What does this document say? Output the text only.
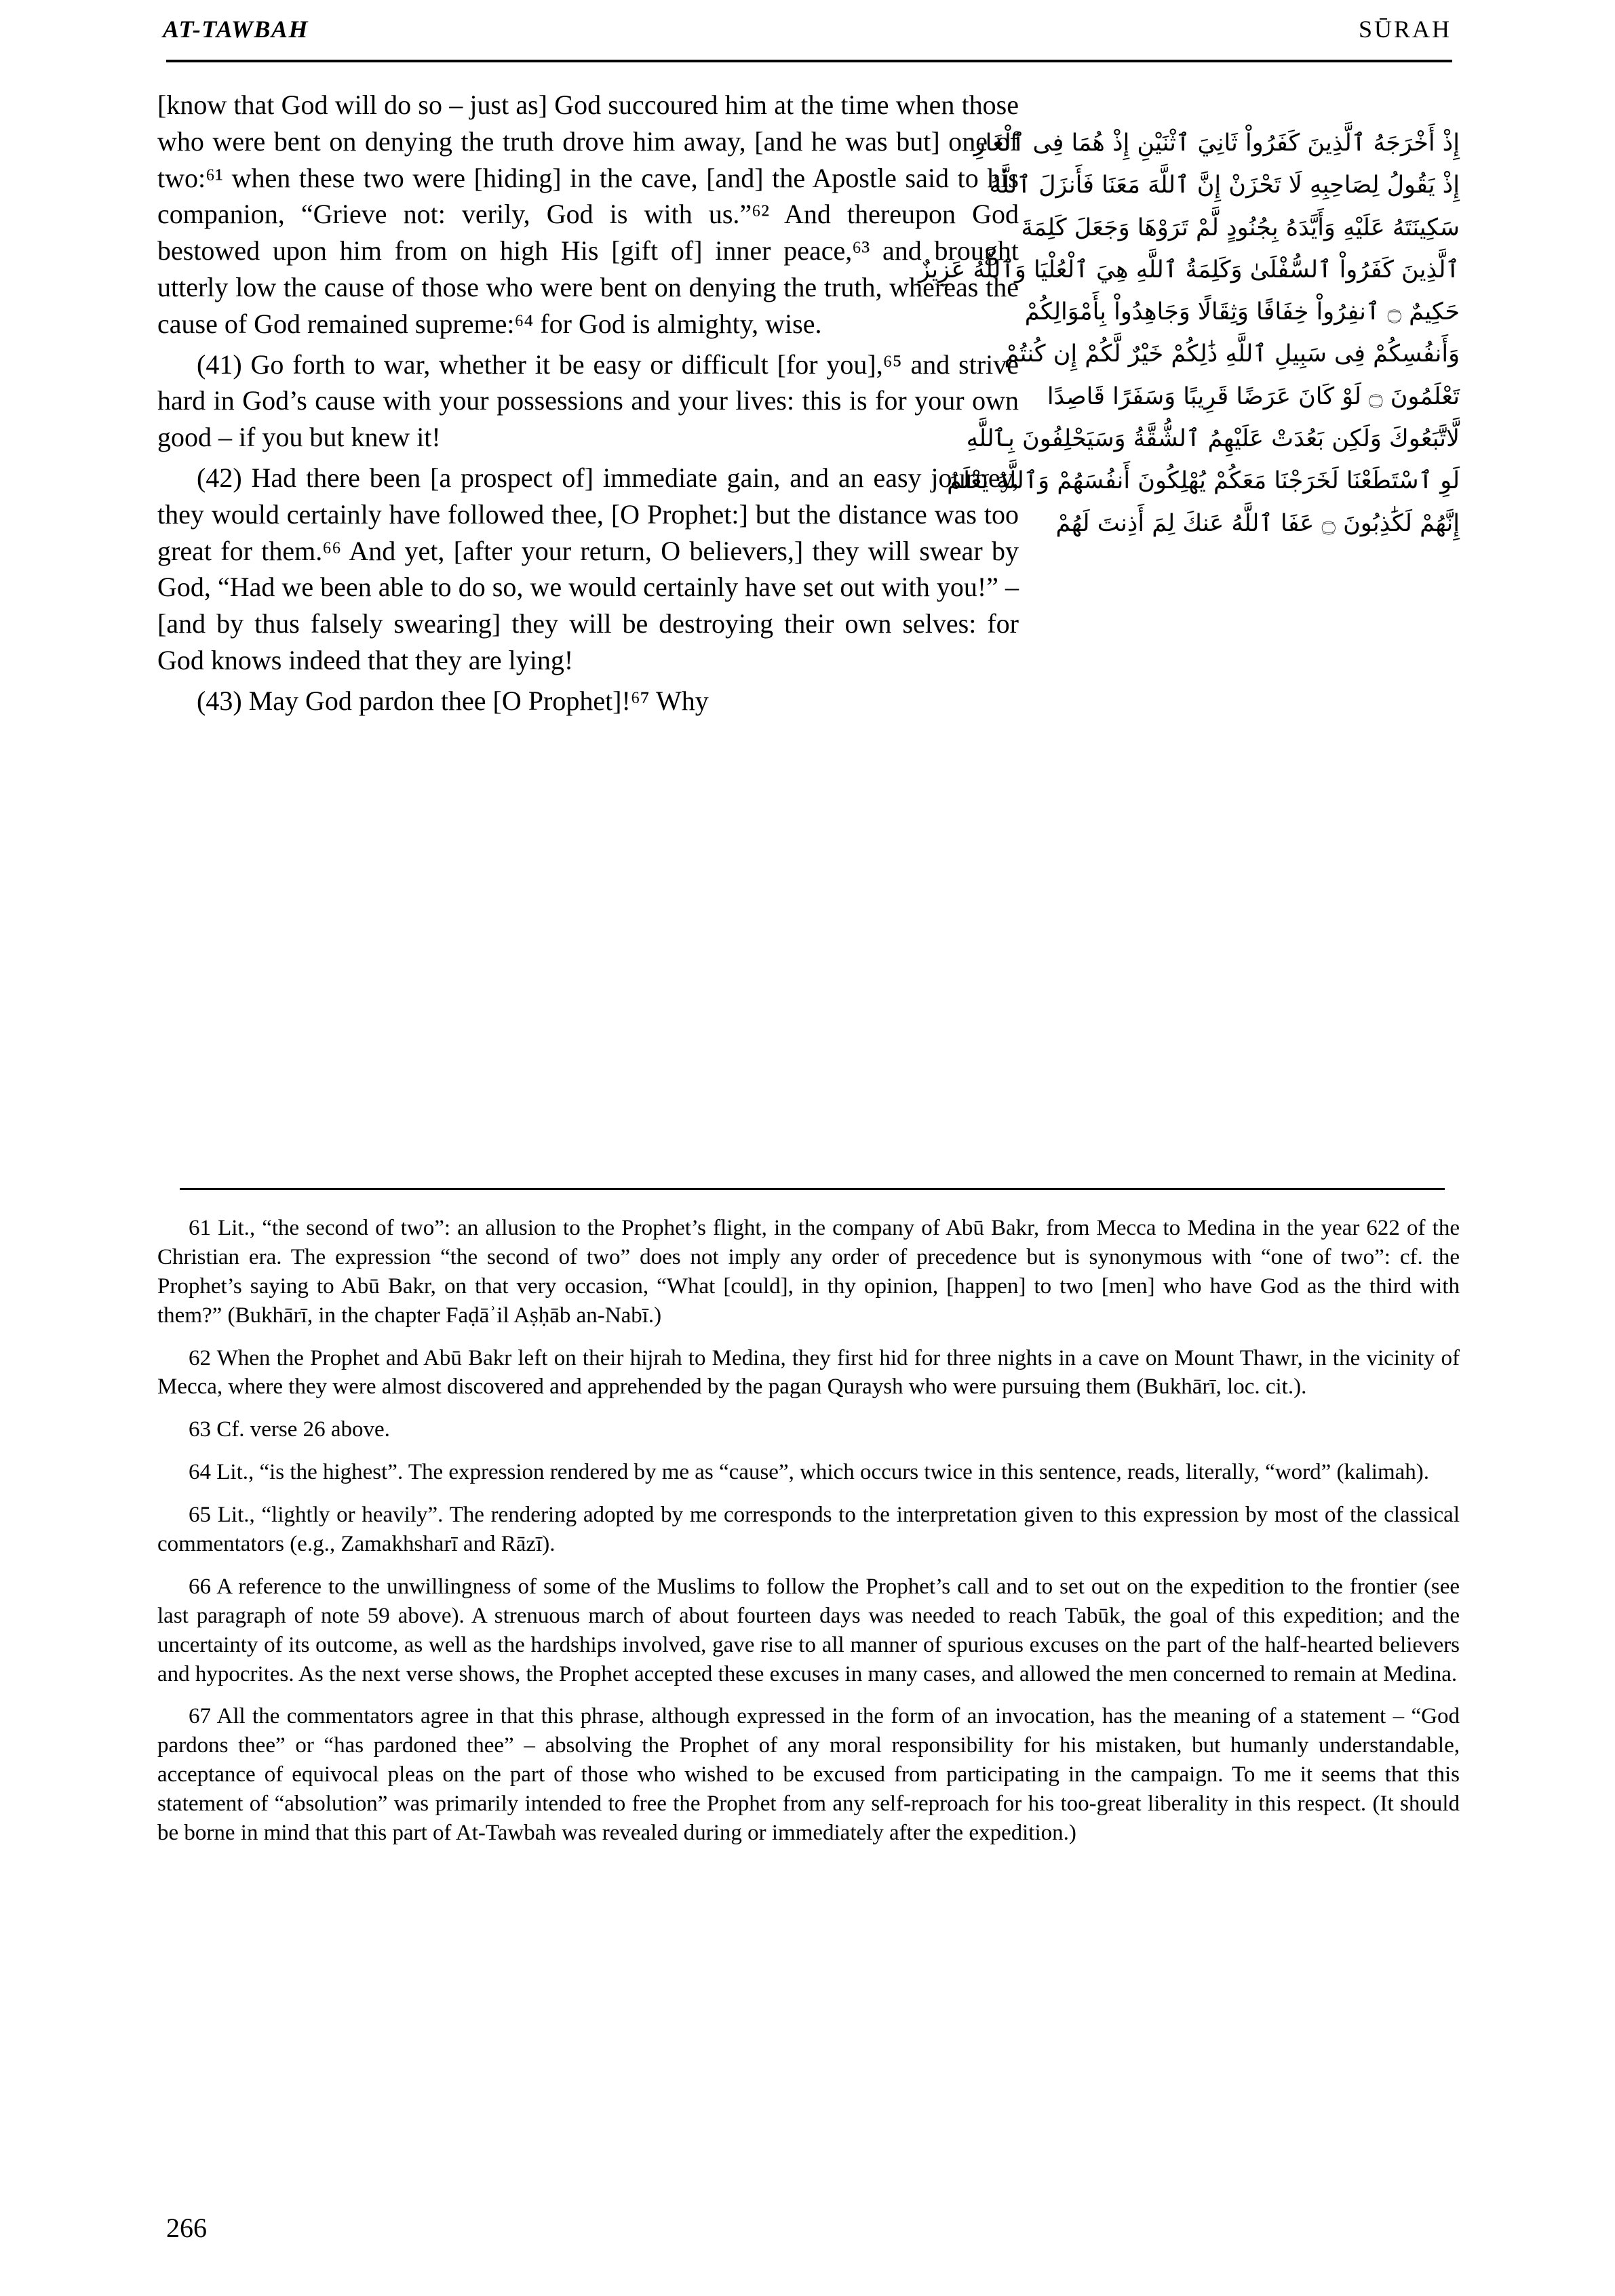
AT-TAWBAH	SŪRAH

[know that God will do so – just as] God succoured him at the time when those who were bent on denying the truth drove him away, [and he was but] one of two:⁶¹ when these two were [hiding] in the cave, [and] the Apostle said to his companion, “Grieve not: verily, God is with us.”⁶² And thereupon God bestowed upon him from on high His [gift of] inner peace,⁶³ and brought utterly low the cause of those who were bent on denying the truth, whereas the cause of God remained supreme:⁶⁴ for God is almighty, wise.

(41) Go forth to war, whether it be easy or difficult [for you],⁶⁵ and strive hard in God’s cause with your possessions and your lives: this is for your own good – if you but knew it!

(42) Had there been [a prospect of] immediate gain, and an easy journey, they would certainly have followed thee, [O Prophet:] but the distance was too great for them.⁶⁶ And yet, [after your return, O believers,] they will swear by God, “Had we been able to do so, we would certainly have set out with you!” – [and by thus falsely swearing] they will be destroying their own selves: for God knows indeed that they are lying!

(43) May God pardon thee [O Prophet]!⁶⁷ Why

إِذْ أَخْرَجَهُ ٱلَّذِينَ كَفَرُواْ ثَانِيَ ٱثْنَيْنِ إِذْ هُمَا فِى ٱلْغَارِ
إِذْ يَقُولُ لِصَاحِبِهِ لَا تَحْزَنْ إِنَّ ٱللَّهَ مَعَنَا فَأَنزَلَ ٱللَّهُ
سَكِينَتَهُ عَلَيْهِ وَأَيَّدَهُ بِجُنُودٍ لَّمْ تَرَوْهَا وَجَعَلَ كَلِمَةَ
ٱلَّذِينَ كَفَرُواْ ٱلسُّفْلَىٰ وَكَلِمَةُ ٱللَّهِ هِيَ ٱلْعُلْيَا وَٱللَّهُ عَزِيزٌ
حَكِيمٌ ۝ ٱنفِرُواْ خِفَافًا وَثِقَالًا وَجَاهِدُواْ بِأَمْوَالِكُمْ
وَأَنفُسِكُمْ فِى سَبِيلِ ٱللَّهِ ذَٰلِكُمْ خَيْرٌ لَّكُمْ إِن كُنتُمْ
تَعْلَمُونَ ۝ لَوْ كَانَ عَرَضًا قَرِيبًا وَسَفَرًا قَاصِدًا
لَّاتَّبَعُوكَ وَلَكِن بَعُدَتْ عَلَيْهِمُ ٱلشُّقَّةُ وَسَيَحْلِفُونَ بِٱللَّهِ
لَوِ ٱسْتَطَعْنَا لَخَرَجْنَا مَعَكُمْ يُهْلِكُونَ أَنفُسَهُمْ وَٱللَّهُ يَعْلَمُ
إِنَّهُمْ لَكَٰذِبُونَ ۝ عَفَا ٱللَّهُ عَنكَ لِمَ أَذِنتَ لَهُمْ

61 Lit., “the second of two”: an allusion to the Prophet’s flight, in the company of Abū Bakr, from Mecca to Medina in the year 622 of the Christian era. The expression “the second of two” does not imply any order of precedence but is synonymous with “one of two”: cf. the Prophet’s saying to Abū Bakr, on that very occasion, “What [could], in thy opinion, [happen] to two [men] who have God as the third with them?” (Bukhārī, in the chapter Faḍāʾil Aṣḥāb an-Nabī.)

62 When the Prophet and Abū Bakr left on their hijrah to Medina, they first hid for three nights in a cave on Mount Thawr, in the vicinity of Mecca, where they were almost discovered and apprehended by the pagan Quraysh who were pursuing them (Bukhārī, loc. cit.).

63 Cf. verse 26 above.

64 Lit., “is the highest”. The expression rendered by me as “cause”, which occurs twice in this sentence, reads, literally, “word” (kalimah).

65 Lit., “lightly or heavily”. The rendering adopted by me corresponds to the interpretation given to this expression by most of the classical commentators (e.g., Zamakhsharī and Rāzī).

66 A reference to the unwillingness of some of the Muslims to follow the Prophet’s call and to set out on the expedition to the frontier (see last paragraph of note 59 above). A strenuous march of about fourteen days was needed to reach Tabūk, the goal of this expedition; and the uncertainty of its outcome, as well as the hardships involved, gave rise to all manner of spurious excuses on the part of the half-hearted believers and hypocrites. As the next verse shows, the Prophet accepted these excuses in many cases, and allowed the men concerned to remain at Medina.

67 All the commentators agree in that this phrase, although expressed in the form of an invocation, has the meaning of a statement – “God pardons thee” or “has pardoned thee” – absolving the Prophet of any moral responsibility for his mistaken, but humanly understandable, acceptance of equivocal pleas on the part of those who wished to be excused from participating in the campaign. To me it seems that this statement of “absolution” was primarily intended to free the Prophet from any self-reproach for his too-great liberality in this respect. (It should be borne in mind that this part of At-Tawbah was revealed during or immediately after the expedition.)

266
